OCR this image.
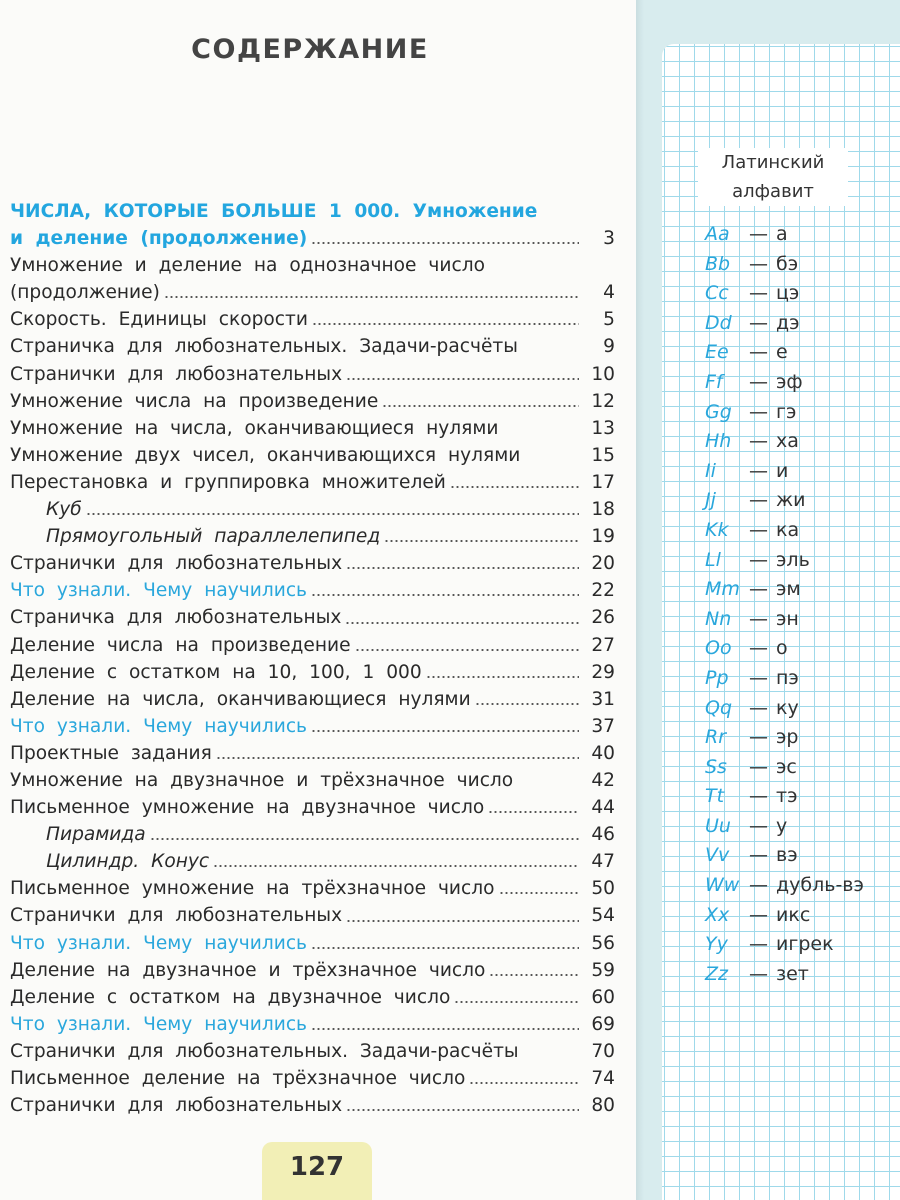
СОДЕРЖАНИЕ
ЧИСЛА, КОТОРЫЕ БОЛЬШЕ 1 000. Умножение
и деление (продолжение)	3
Умножение и деление на однозначное число
(продолжение)	4
Скорость. Единицы скорости	5
Страничка для любознательных. Задачи-расчёты	9
Странички для любознательных	10
Умножение числа на произведение	12
Умножение на числа, оканчивающиеся нулями	13
Умножение двух чисел, оканчивающихся нулями	15
Перестановка и группировка множителей	17
Куб	18
Прямоугольный параллелепипед	19
Странички для любознательных	20
Что узнали. Чему научились	22
Страничка для любознательных	26
Деление числа на произведение	27
Деление с остатком на 10, 100, 1 000	29
Деление на числа, оканчивающиеся нулями	31
Что узнали. Чему научились	37
Проектные задания	40
Умножение на двузначное и трёхзначное число	42
Письменное умножение на двузначное число	44
Пирамида	46
Цилиндр. Конус	47
Письменное умножение на трёхзначное число	50
Странички для любознательных	54
Что узнали. Чему научились	56
Деление на двузначное и трёхзначное число	59
Деление с остатком на двузначное число	60
Что узнали. Чему научились	69
Странички для любознательных. Задачи-расчёты	70
Письменное деление на трёхзначное число	74
Странички для любознательных	80
127
Латинский
алфавит
Aa — а
Bb — бэ
Cc — цэ
Dd — дэ
Ee — е
Ff — эф
Gg — гэ
Hh — ха
Ii — и
Jj — жи
Kk — ка
Ll — эль
Mm — эм
Nn — эн
Oo — о
Pp — пэ
Qq — ку
Rr — эр
Ss — эс
Tt — тэ
Uu — у
Vv — вэ
Ww — дубль-вэ
Xx — икс
Yy — игрек
Zz — зет
